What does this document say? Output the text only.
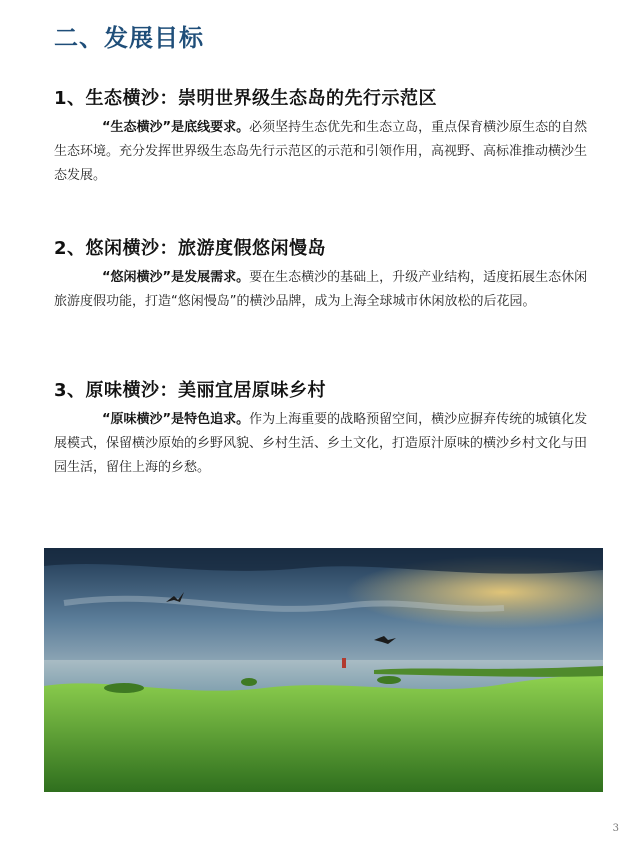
二、发展目标
1、生态横沙：崇明世界级生态岛的先行示范区

“生态横沙”是底线要求。必须坚持生态优先和生态立岛，重点保育横沙原生态的自然生态环境。充分发挥世界级生态岛先行示范区的示范和引领作用，高视野、高标准推动横沙生态发展。

2、悠闲横沙：旅游度假悠闲慢岛

“悠闲横沙”是发展需求。要在生态横沙的基础上，升级产业结构，适度拓展生态休闲旅游度假功能，打造“悠闲慢岛”的横沙品牌，成为上海全球城市休闲放松的后花园。

3、原味横沙：美丽宜居原味乡村

“原味横沙”是特色追求。作为上海重要的战略预留空间，横沙应摒弃传统的城镇化发展模式，保留横沙原始的乡野风貌、乡村生活、乡土文化，打造原汁原味的横沙乡村文化与田园生活，留住上海的乡愁。

3
